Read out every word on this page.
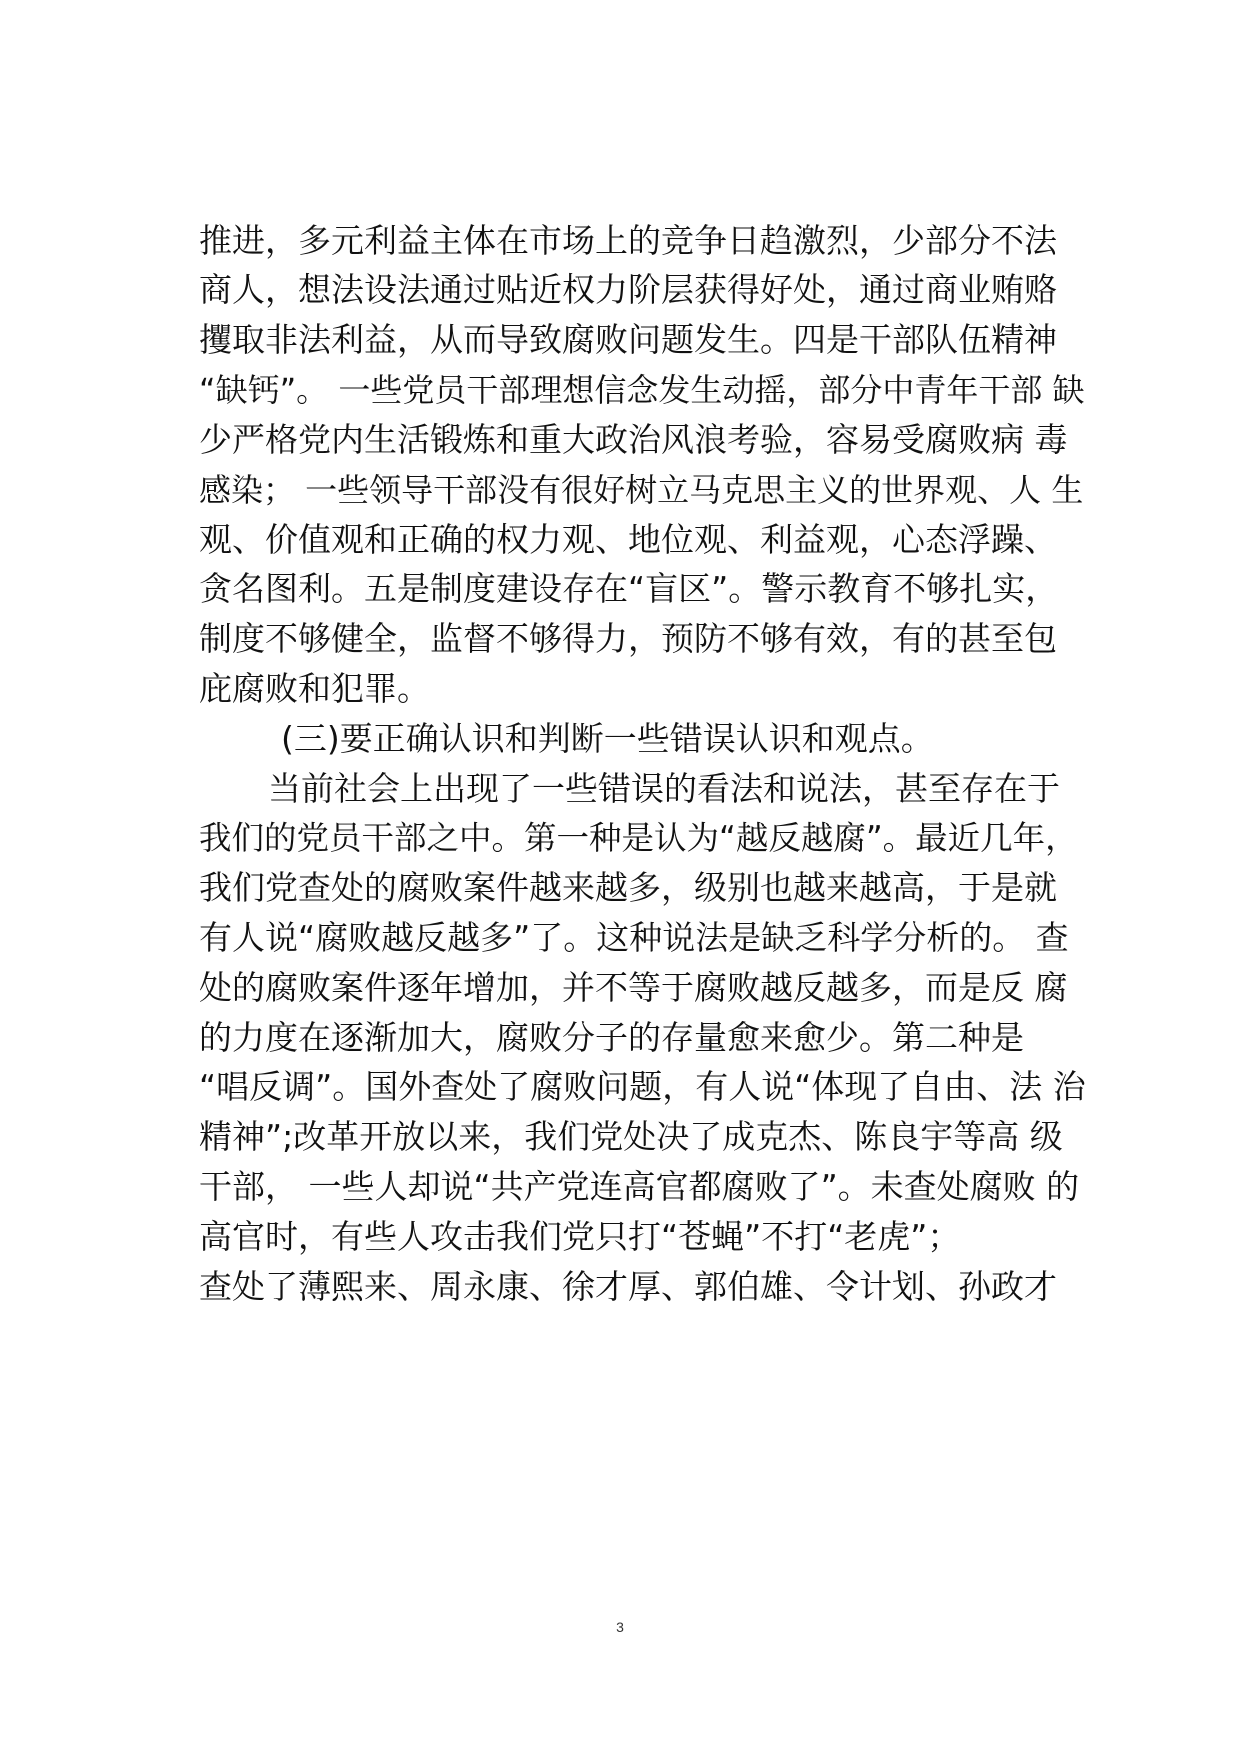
推进，多元利益主体在市场上的竞争日趋激烈，少部分不法
商人，想法设法通过贴近权力阶层获得好处，通过商业贿赂
攫取非法利益，从而导致腐败问题发生。四是干部队伍精神
“缺钙”。 一些党员干部理想信念发生动摇，部分中青年干部 缺
少严格党内生活锻炼和重大政治风浪考验，容易受腐败病 毒
感染； 一些领导干部没有很好树立马克思主义的世界观、人 生
观、价值观和正确的权力观、地位观、利益观，心态浮躁、
贪名图利。五是制度建设存在“盲区”。警示教育不够扎实，
制度不够健全，监督不够得力，预防不够有效，有的甚至包
庇腐败和犯罪。
(三)要正确认识和判断一些错误认识和观点。
当前社会上出现了一些错误的看法和说法，甚至存在于
我们的党员干部之中。第一种是认为“越反越腐”。最近几年，
我们党查处的腐败案件越来越多，级别也越来越高，于是就
有人说“腐败越反越多”了。这种说法是缺乏科学分析的。 查
处的腐败案件逐年增加，并不等于腐败越反越多，而是反 腐
的力度在逐渐加大，腐败分子的存量愈来愈少。第二种是
“唱反调”。国外查处了腐败问题，有人说“体现了自由、法 治
精神”;改革开放以来，我们党处决了成克杰、陈良宇等高 级
干部， 一些人却说“共产党连高官都腐败了”。未查处腐败 的
高官时，有些人攻击我们党只打“苍蝇”不打“老虎”；
查处了薄熙来、周永康、徐才厚、郭伯雄、令计划、孙政才
3
